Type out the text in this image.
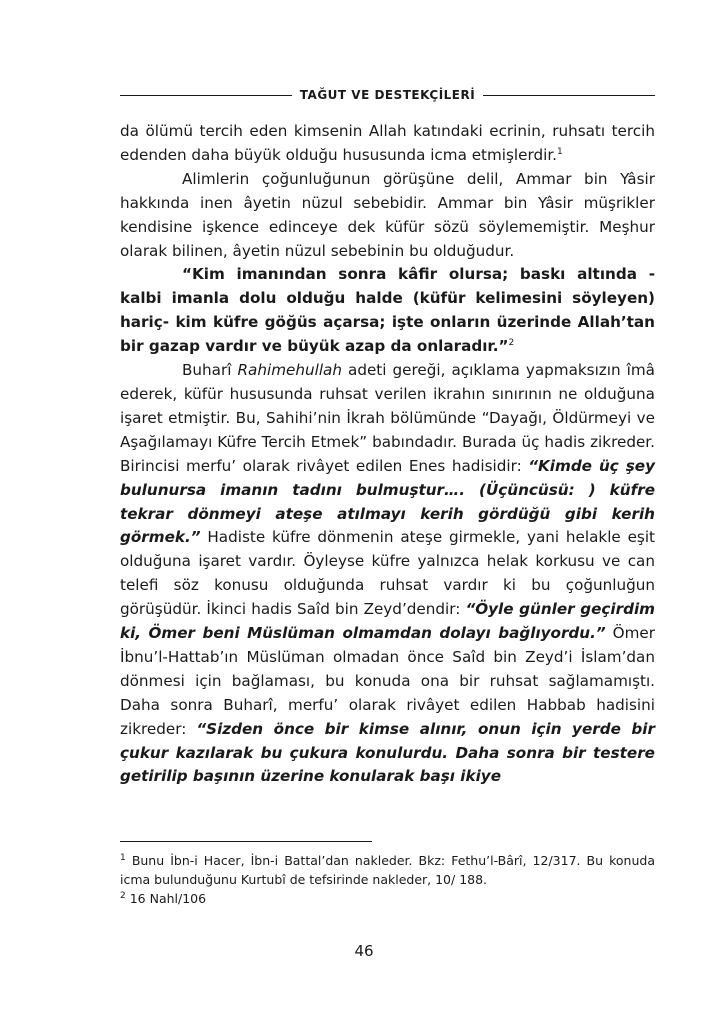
TAĞUT VE DESTEKÇİLERİ

da ölümü tercih eden kimsenin Allah katındaki ecrinin, ruhsatı tercih edenden daha büyük olduğu hususunda icma etmişlerdir.$^1$

Alimlerin çoğunluğunun görüşüne delil, Ammar bin Yâsir hakkında inen âyetin nüzul sebebidir. Ammar bin Yâsir müşrikler kendisine işkence edinceye dek küfür sözü söylememiştir. Meşhur olarak bilinen, âyetin nüzul sebebinin bu olduğudur.

“Kim imanından sonra kâfir olursa; baskı altında - kalbi imanla dolu olduğu halde (küfür kelimesini söyleyen) hariç- kim küfre göğüs açarsa; işte onların üzerinde Allah’tan bir gazap vardır ve büyük azap da onlaradır.”$^2$

Buharî Rahimehullah adeti gereği, açıklama yapmaksızın îmâ ederek, küfür hususunda ruhsat verilen ikrahın sınırının ne olduğuna işaret etmiştir. Bu, Sahihi’nin İkrah bölümünde “Dayağı, Öldürmeyi ve Aşağılamayı Küfre Tercih Etmek” babındadır. Burada üç hadis zikreder. Birincisi merfu’ olarak rivâyet edilen Enes hadisidir: “Kimde üç şey bulunursa imanın tadını bulmuştur…. (Üçüncüsü: ) küfre tekrar dönmeyi ateşe atılmayı kerih gördüğü gibi kerih görmek.” Hadiste küfre dönmenin ateşe girmekle, yani helakle eşit olduğuna işaret vardır. Öyleyse küfre yalnızca helak korkusu ve can telefi söz konusu olduğunda ruhsat vardır ki bu çoğunluğun görüşüdür. İkinci hadis Saîd bin Zeyd’dendir: “Öyle günler geçirdim ki, Ömer beni Müslüman olmamdan dolayı bağlıyordu.” Ömer İbnu’l-Hattab’ın Müslüman olmadan önce Saîd bin Zeyd’i İslam’dan dönmesi için bağlaması, bu konuda ona bir ruhsat sağlamamıştı. Daha sonra Buharî, merfu’ olarak rivâyet edilen Habbab hadisini zikreder: “Sizden önce bir kimse alınır, onun için yerde bir çukur kazılarak bu çukura konulurdu. Daha sonra bir testere getirilip başının üzerine konularak başı ikiye

$^1$ Bunu İbn-i Hacer, İbn-i Battal’dan nakleder. Bkz: Fethu’l-Bârî, 12/317. Bu konuda icma bulunduğunu Kurtubî de tefsirinde nakleder, 10/ 188.

$^2$ 16 Nahl/106

46
